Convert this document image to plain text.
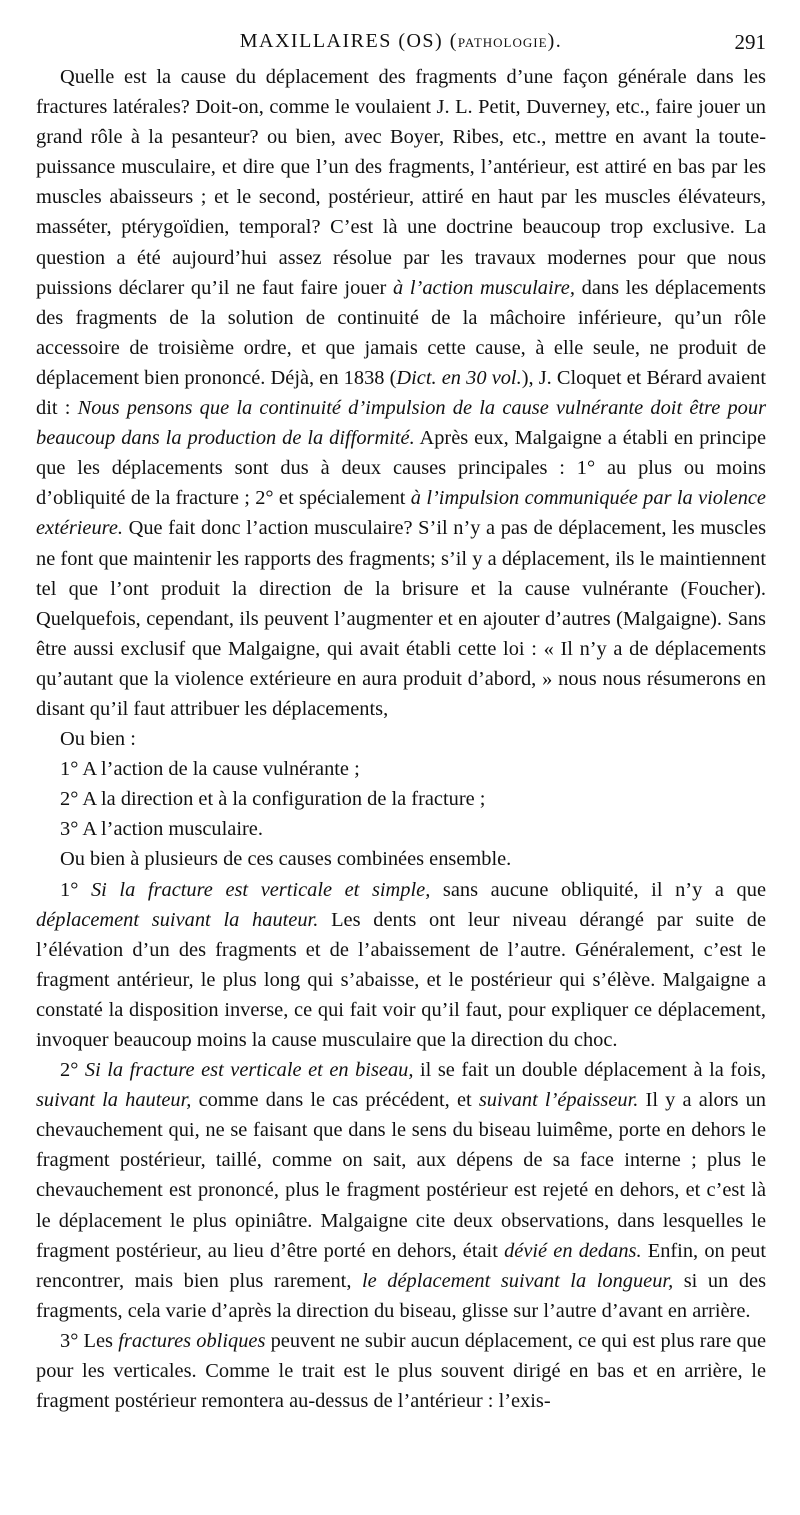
MAXILLAIRES (OS) (PATHOLOGIE).	291

Quelle est la cause du déplacement des fragments d’une façon générale dans les fractures latérales? Doit-on, comme le voulaient J. L. Petit, Duverney, etc., faire jouer un grand rôle à la pesanteur? ou bien, avec Boyer, Ribes, etc., mettre en avant la toute-puissance musculaire, et dire que l’un des fragments, l’antérieur, est attiré en bas par les muscles abaisseurs ; et le second, postérieur, attiré en haut par les muscles élévateurs, masséter, ptérygoïdien, temporal? C’est là une doctrine beaucoup trop exclusive. La question a été aujourd’hui assez résolue par les travaux modernes pour que nous puissions déclarer qu’il ne faut faire jouer à l’action musculaire, dans les déplacements des fragments de la solution de continuité de la mâchoire inférieure, qu’un rôle accessoire de troisième ordre, et que jamais cette cause, à elle seule, ne produit de déplacement bien prononcé. Déjà, en 1838 (Dict. en 30 vol.), J. Cloquet et Bérard avaient dit : Nous pensons que la continuité d’impulsion de la cause vulnérante doit être pour beaucoup dans la production de la difformité. Après eux, Malgaigne a établi en principe que les déplacements sont dus à deux causes principales : 1° au plus ou moins d’obliquité de la fracture ; 2° et spécialement à l’impulsion communiquée par la violence extérieure. Que fait donc l’action musculaire? S’il n’y a pas de déplacement, les muscles ne font que maintenir les rapports des fragments; s’il y a déplacement, ils le maintiennent tel que l’ont produit la direction de la brisure et la cause vulnérante (Foucher). Quelquefois, cependant, ils peuvent l’augmenter et en ajouter d’autres (Malgaigne). Sans être aussi exclusif que Malgaigne, qui avait établi cette loi : « Il n’y a de déplacements qu’autant que la violence extérieure en aura produit d’abord, » nous nous résumerons en disant qu’il faut attribuer les déplacements,

Ou bien :

1° A l’action de la cause vulnérante ;

2° A la direction et à la configuration de la fracture ;

3° A l’action musculaire.

Ou bien à plusieurs de ces causes combinées ensemble.

1° Si la fracture est verticale et simple, sans aucune obliquité, il n’y a que déplacement suivant la hauteur. Les dents ont leur niveau dérangé par suite de l’élévation d’un des fragments et de l’abaissement de l’autre. Généralement, c’est le fragment antérieur, le plus long qui s’abaisse, et le postérieur qui s’élève. Malgaigne a constaté la disposition inverse, ce qui fait voir qu’il faut, pour expliquer ce déplacement, invoquer beaucoup moins la cause musculaire que la direction du choc.

2° Si la fracture est verticale et en biseau, il se fait un double déplacement à la fois, suivant la hauteur, comme dans le cas précédent, et suivant l’épaisseur. Il y a alors un chevauchement qui, ne se faisant que dans le sens du biseau luimême, porte en dehors le fragment postérieur, taillé, comme on sait, aux dépens de sa face interne ; plus le chevauchement est prononcé, plus le fragment postérieur est rejeté en dehors, et c’est là le déplacement le plus opiniâtre. Malgaigne cite deux observations, dans lesquelles le fragment postérieur, au lieu d’être porté en dehors, était dévié en dedans. Enfin, on peut rencontrer, mais bien plus rarement, le déplacement suivant la longueur, si un des fragments, cela varie d’après la direction du biseau, glisse sur l’autre d’avant en arrière.

3° Les fractures obliques peuvent ne subir aucun déplacement, ce qui est plus rare que pour les verticales. Comme le trait est le plus souvent dirigé en bas et en arrière, le fragment postérieur remontera au-dessus de l’antérieur : l’exis-
